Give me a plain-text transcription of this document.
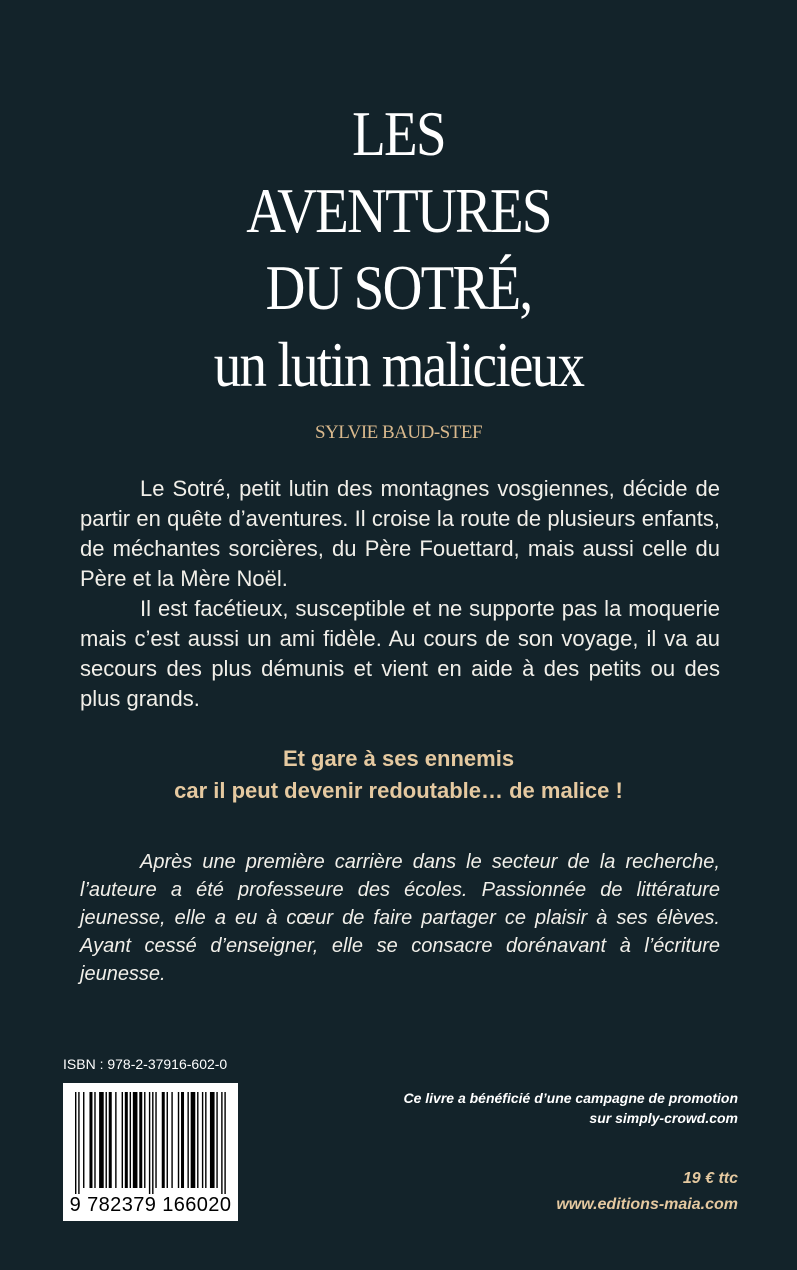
LES
AVENTURES
DU SOTRÉ,
un lutin malicieux
SYLVIE BAUD-STEF

Le Sotré, petit lutin des montagnes vosgiennes, décide de partir en quête d’aventures. Il croise la route de plusieurs enfants, de méchantes sorcières, du Père Fouettard, mais aussi celle du Père et la Mère Noël.

Il est facétieux, susceptible et ne supporte pas la moquerie mais c’est aussi un ami fidèle. Au cours de son voyage, il va au secours des plus démunis et vient en aide à des petits ou des plus grands.

Et gare à ses ennemis
car il peut devenir redoutable… de malice !

Après une première carrière dans le secteur de la recherche, l’auteure a été professeure des écoles. Passionnée de littérature jeunesse, elle a eu à cœur de faire partager ce plaisir à ses élèves. Ayant cessé d’enseigner, elle se consacre dorénavant à l’écriture jeunesse.

ISBN : 978-2-37916-602-0
9 782379 166020
Ce livre a bénéficié d’une campagne de promotion
sur simply-crowd.com
19 € ttc
www.editions-maia.com
